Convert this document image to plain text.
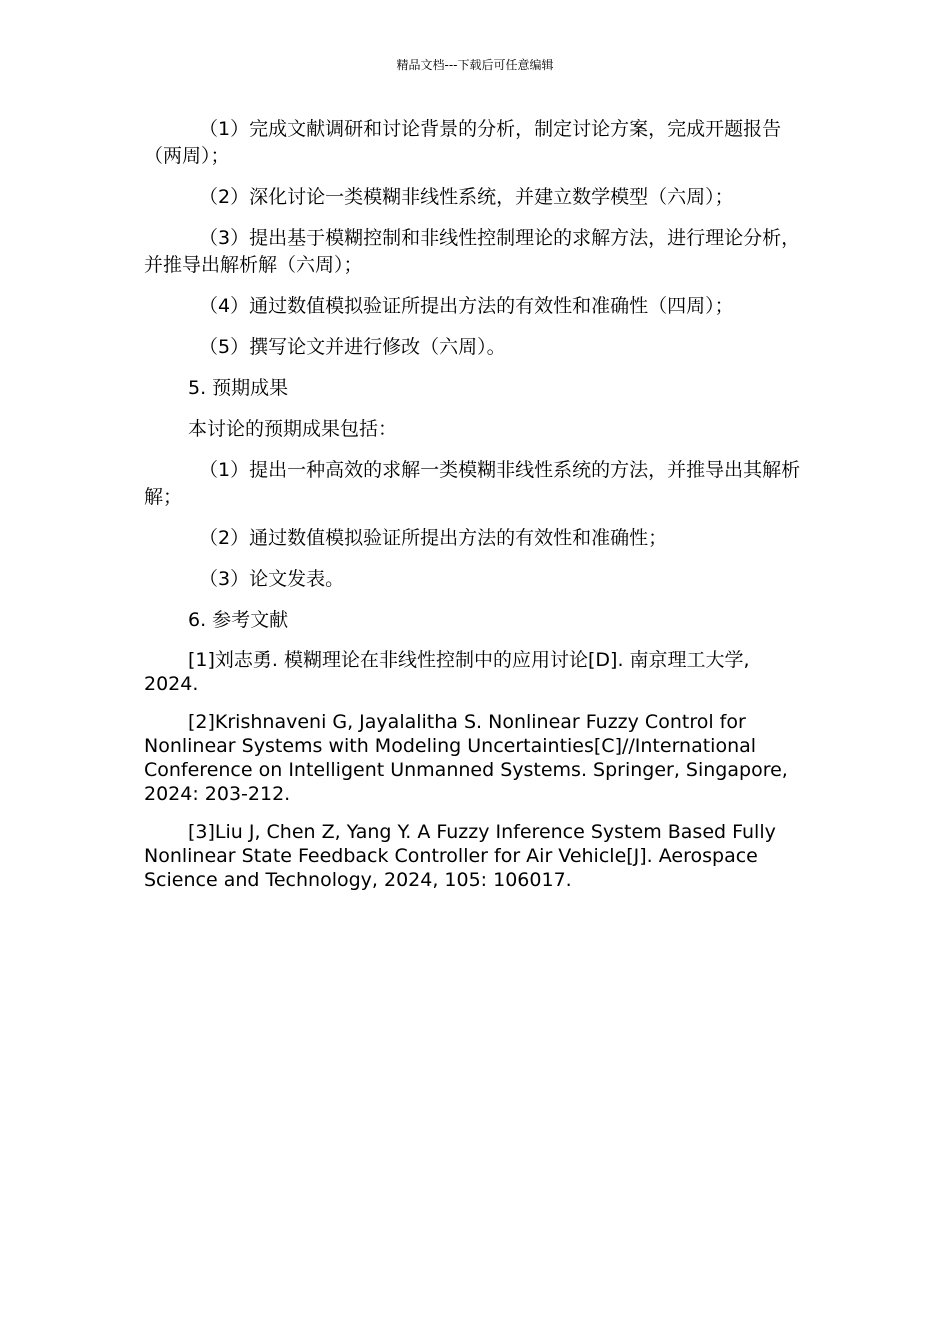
精品文档---下载后可任意编辑

（1）完成文献调研和讨论背景的分析，制定讨论方案，完成开题报告（两周）；

（2）深化讨论一类模糊非线性系统，并建立数学模型（六周）；

（3）提出基于模糊控制和非线性控制理论的求解方法，进行理论分析，并推导出解析解（六周）；

（4）通过数值模拟验证所提出方法的有效性和准确性（四周）；

（5）撰写论文并进行修改（六周）。

5. 预期成果

本讨论的预期成果包括：

（1）提出一种高效的求解一类模糊非线性系统的方法，并推导出其解析解；

（2）通过数值模拟验证所提出方法的有效性和准确性；

（3）论文发表。

6. 参考文献

[1]刘志勇. 模糊理论在非线性控制中的应用讨论[D]. 南京理工大学, 2024.

[2]Krishnaveni G, Jayalalitha S. Nonlinear Fuzzy Control for Nonlinear Systems with Modeling Uncertainties[C]//International Conference on Intelligent Unmanned Systems. Springer, Singapore, 2024: 203-212.

[3]Liu J, Chen Z, Yang Y. A Fuzzy Inference System Based Fully Nonlinear State Feedback Controller for Air Vehicle[J]. Aerospace Science and Technology, 2024, 105: 106017.
